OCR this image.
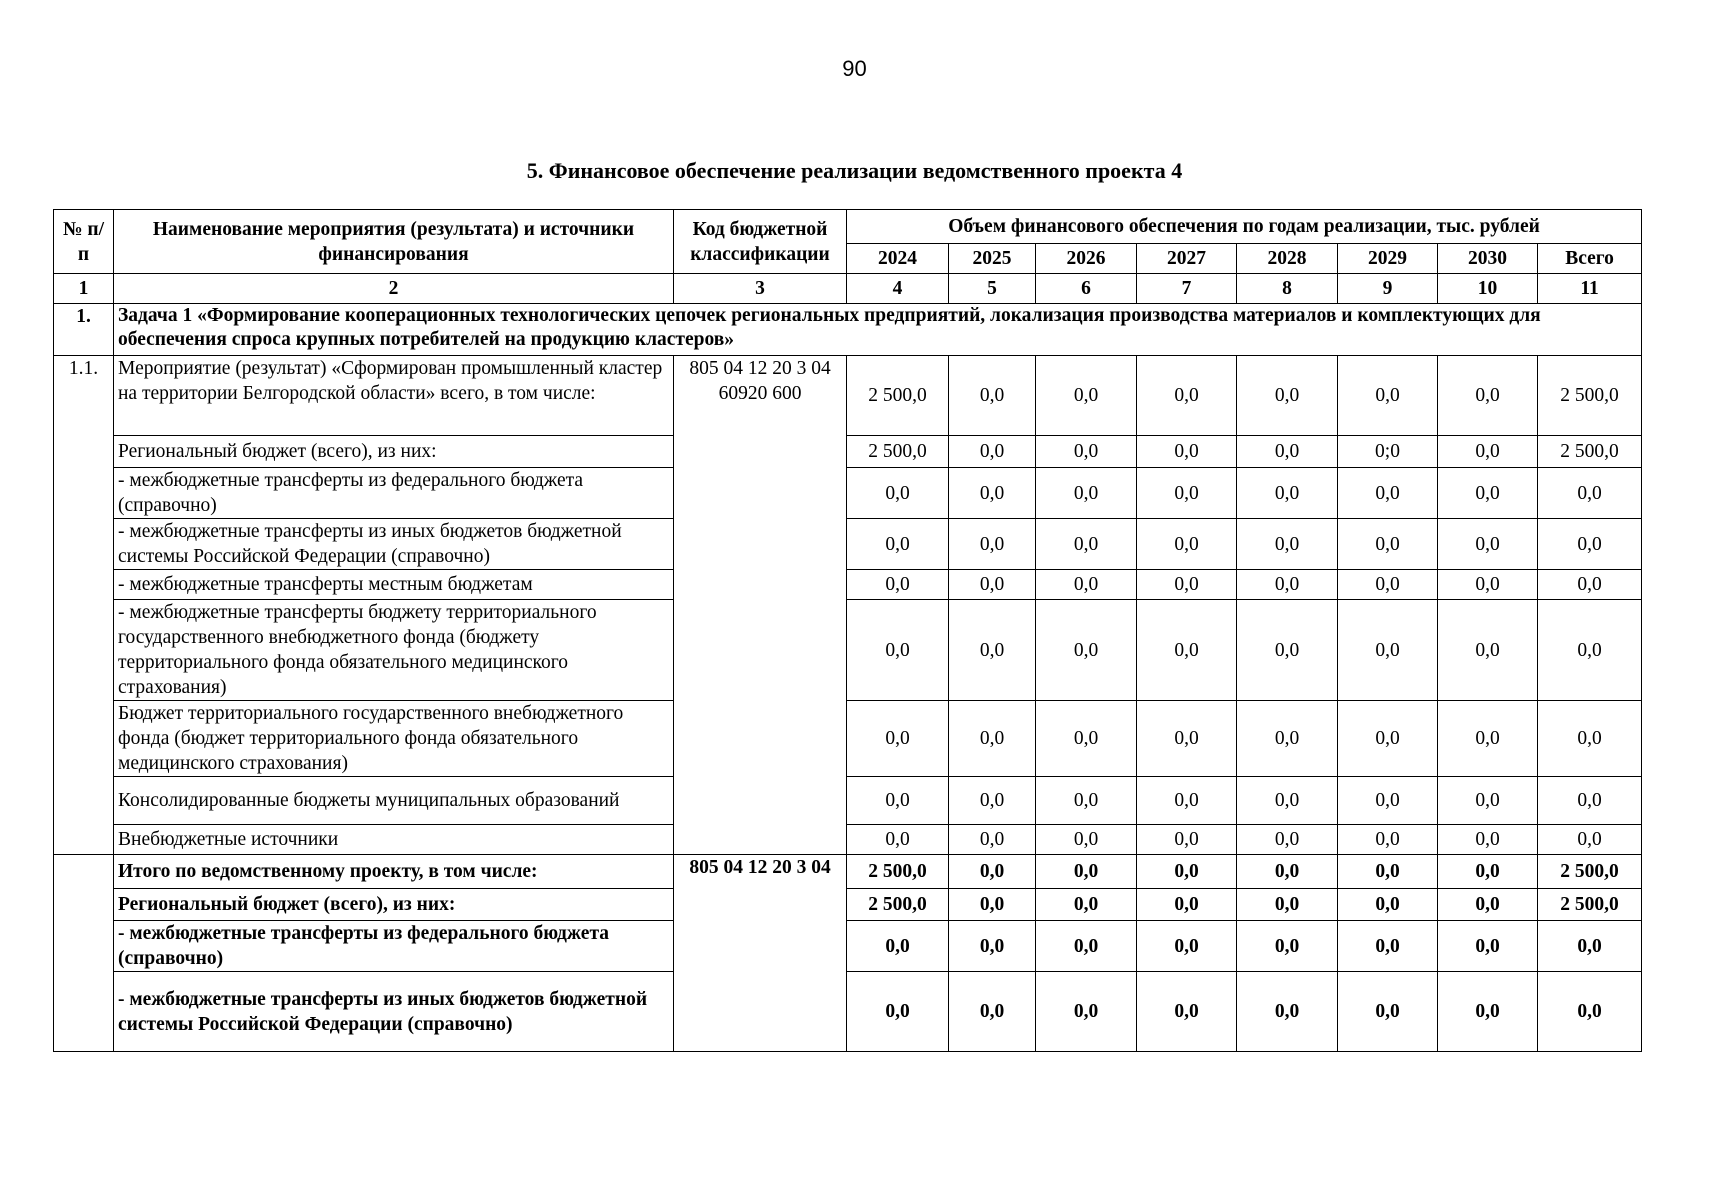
90
5. Финансовое обеспечение реализации ведомственного проекта 4
№ п/п	Наименование мероприятия (результата) и источники финансирования	Код бюджетной классификации	Объем финансового обеспечения по годам реализации, тыс. рублей							
			2024	2025	2026	2027	2028	2029	2030	Всего
1	2	3	4	5	6	7	8	9	10	11
1.	Задача 1 «Формирование кооперационных технологических цепочек региональных предприятий, локализация производства материалов и комплектующих для обеспечения спроса крупных потребителей на продукцию кластеров»									
1.1.	Мероприятие (результат) «Сформирован промышленный кластер на территории Белгородской области» всего, в том числе:	805 04 12 20 3 04 60920 600	2 500,0	0,0	0,0	0,0	0,0	0,0	0,0	2 500,0
	Региональный бюджет (всего), из них:		2 500,0	0,0	0,0	0,0	0,0	0;0	0,0	2 500,0
	- межбюджетные трансферты из федерального бюджета (справочно)		0,0	0,0	0,0	0,0	0,0	0,0	0,0	0,0
	- межбюджетные трансферты из иных бюджетов бюджетной системы Российской Федерации (справочно)		0,0	0,0	0,0	0,0	0,0	0,0	0,0	0,0
	- межбюджетные трансферты местным бюджетам		0,0	0,0	0,0	0,0	0,0	0,0	0,0	0,0
	- межбюджетные трансферты бюджету территориального государственного внебюджетного фонда (бюджету территориального фонда обязательного медицинского страхования)		0,0	0,0	0,0	0,0	0,0	0,0	0,0	0,0
	Бюджет территориального государственного внебюджетного фонда (бюджет территориального фонда обязательного медицинского страхования)		0,0	0,0	0,0	0,0	0,0	0,0	0,0	0,0
	Консолидированные бюджеты муниципальных образований		0,0	0,0	0,0	0,0	0,0	0,0	0,0	0,0
	Внебюджетные источники		0,0	0,0	0,0	0,0	0,0	0,0	0,0	0,0
	Итого по ведомственному проекту, в том числе:	805 04 12 20 3 04	2 500,0	0,0	0,0	0,0	0,0	0,0	0,0	2 500,0
	Региональный бюджет (всего), из них:		2 500,0	0,0	0,0	0,0	0,0	0,0	0,0	2 500,0
	- межбюджетные трансферты из федерального бюджета (справочно)		0,0	0,0	0,0	0,0	0,0	0,0	0,0	0,0
	- межбюджетные трансферты из иных бюджетов бюджетной системы Российской Федерации (справочно)		0,0	0,0	0,0	0,0	0,0	0,0	0,0	0,0
